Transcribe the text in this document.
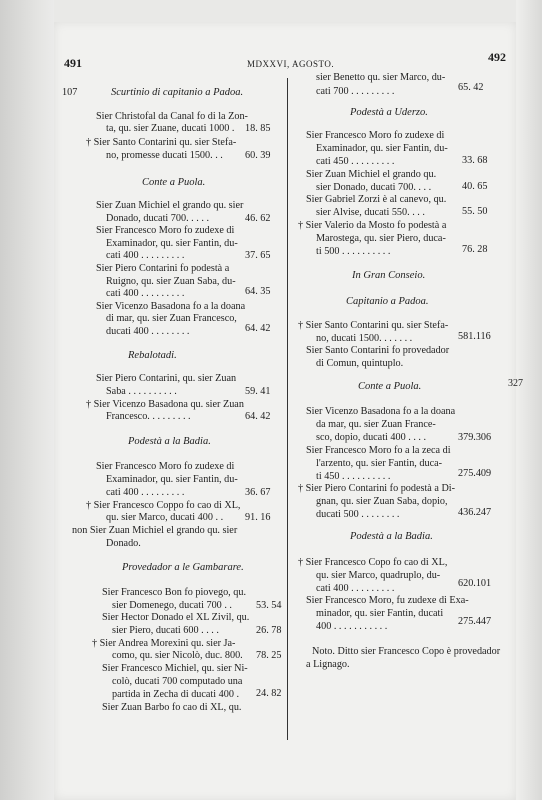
491	MDXXVI, AGOSTO.	492
327
107	Scurtinio di capitanio a Padoa.
Sier Christofal da Canal fo di la Zon-
ta, qu. sier Zuane, ducati 1000 . 18. 85
† Sier Santo Contarini qu. sier Stefa-
no, promesse ducati 1500. . . 60. 39
Conte a Puola.
Sier Zuan Michiel el grando qu. sier
Donado, ducati 700. . . . .	46. 62
Sier Francesco Moro fo zudexe di
Examinador, qu. sier Fantin, du-
cati 400 . . . . . . . . .	37. 65
Sier Piero Contarini fo podestà a
Ruigno, qu. sier Zuan Saba, du-
cati 400 . . . . . . . . .	64. 35
Sier Vicenzo Basadona fo a la doana
di mar, qu. sier Zuan Francesco,
ducati 400 . . . . . . . .	64. 42
Rebalotadi.
Sier Piero Contarini, qu. sier Zuan
Saba . . . . . . . . . .	59. 41
† Sier Vicenzo Basadona qu. sier Zuan
Francesco. . . . . . . . .	64. 42
Podestà a la Badia.
Sier Francesco Moro fo zudexe di
Examinador, qu. sier Fantin, du-
cati 400 . . . . . . . . .	36. 67
† Sier Francesco Coppo fo cao di XL,
qu. sier Marco, ducati 400 . . 91. 16
non Sier Zuan Michiel el grando qu. sier
Donado.
Provedador a le Gambarare.
Sier Francesco Bon fo piovego, qu.
sier Domenego, ducati 700 . . 53. 54
Sier Hector Donado el XL Zivil, qu.
sier Piero, ducati 600 . . . .	26. 78
† Sier Andrea Morexini qu. sier Ja-
como, qu. sier Nicolò, duc. 800. 78. 25
Sier Francesco Michiel, qu. sier Ni-
colò, ducati 700 computado una
partida in Zecha di ducati 400 . 24. 82
Sier Zuan Barbo fo cao di XL, qu.
sier Benetto qu. sier Marco, du-
cati 700 . . . . . . . . .	65. 42
Podestà a Uderzo.
Sier Francesco Moro fo zudexe di
Examinador, qu. sier Fantin, du-
cati 450 . . . . . . . . .	33. 68
Sier Zuan Michiel el grando qu.
sier Donado, ducati 700. . . .	40. 65
Sier Gabriel Zorzi è al canevo, qu.
sier Alvise, ducati 550. . . .	55. 50
† Sier Valerio da Mosto fo podestà a
Marostega, qu. sier Piero, duca-
ti 500 . . . . . . . . . .	76. 28
In Gran Conseio.
Capitanio a Padoa.
† Sier Santo Contarini qu. sier Stefa-
no, ducati 1500. . . . . . .	581.116
Sier Santo Contarini fo provedador
di Comun, quintuplo.
Conte a Puola.
Sier Vicenzo Basadona fo a la doana
da mar, qu. sier Zuan France-
sco, dopio, ducati 400 . . . .	379.306
Sier Francesco Moro fo a la zeca di
l'arzento, qu. sier Fantin, duca-
ti 450 . . . . . . . . . .	275.409
† Sier Piero Contarini fo podestà a Di-
gnan, qu. sier Zuan Saba, dopio,
ducati 500 . . . . . . . .	436.247
Podestà a la Badia.
† Sier Francesco Copo fo cao di XL,
qu. sier Marco, quadruplo, du-
cati 400 . . . . . . . . .	620.101
Sier Francesco Moro, fu zudexe di Exa-
minador, qu. sier Fantin, ducati
400 . . . . . . . . . . .	275.447
Noto. Ditto sier Francesco Copo è provedador
a Lignago.
